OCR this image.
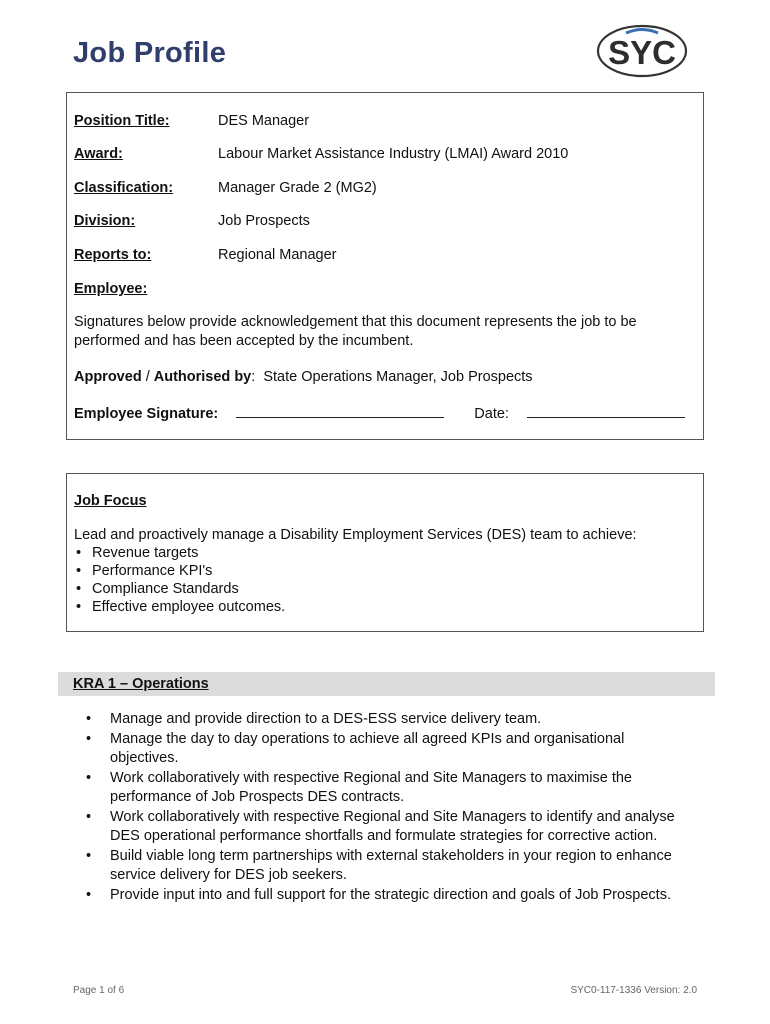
Job Profile	SYC
Position Title:	DES Manager
Award:	Labour Market Assistance Industry (LMAI) Award 2010
Classification:	Manager Grade 2 (MG2)
Division:	Job Prospects
Reports to:	Regional Manager
Employee:
Signatures below provide acknowledgement that this document represents the job to be performed and has been accepted by the incumbent.
Approved / Authorised by:  State Operations Manager, Job Prospects
Employee Signature:	Date:
Job Focus
Lead and proactively manage a Disability Employment Services (DES) team to achieve:
• Revenue targets
• Performance KPI's
• Compliance Standards
• Effective employee outcomes.
KRA 1 – Operations
• Manage and provide direction to a DES-ESS service delivery team.
• Manage the day to day operations to achieve all agreed KPIs and organisational objectives.
• Work collaboratively with respective Regional and Site Managers to maximise the performance of Job Prospects DES contracts.
• Work collaboratively with respective Regional and Site Managers to identify and analyse DES operational performance shortfalls and formulate strategies for corrective action.
• Build viable long term partnerships with external stakeholders in your region to enhance service delivery for DES job seekers.
• Provide input into and full support for the strategic direction and goals of Job Prospects.
Page 1 of 6	SYC0-117-1336 Version: 2.0
